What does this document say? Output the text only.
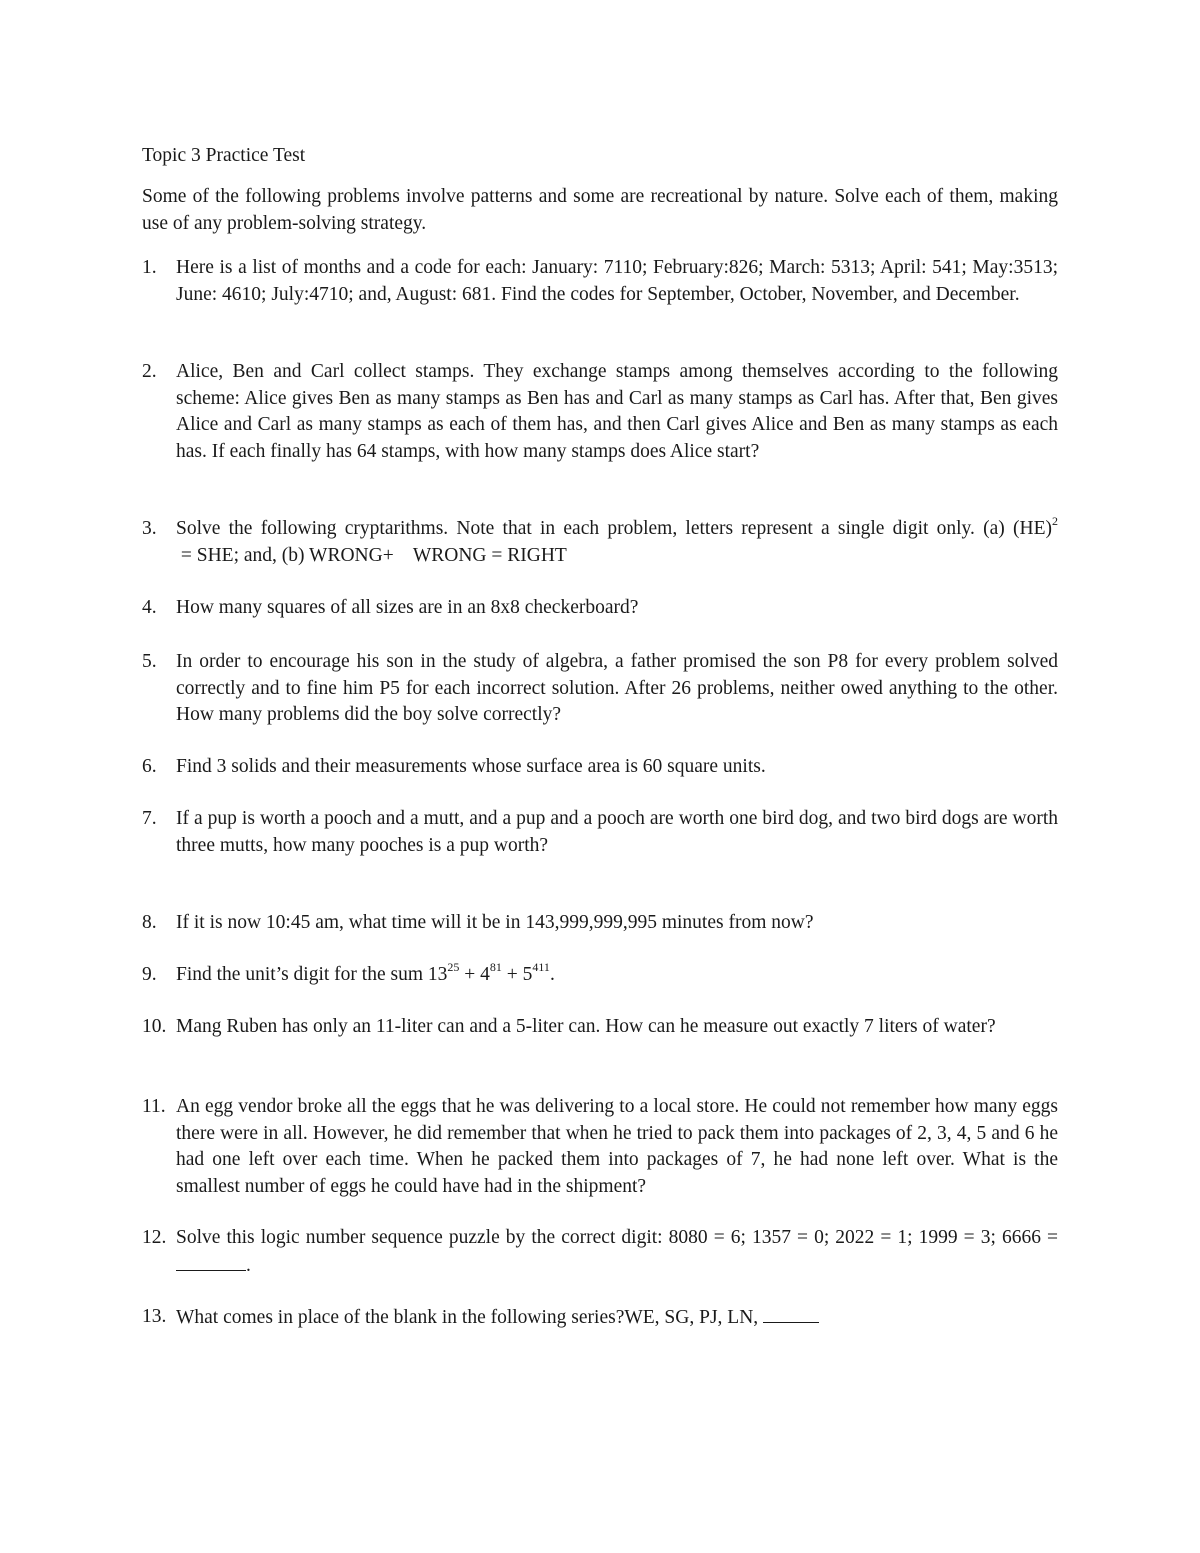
Topic 3 Practice Test
Some of the following problems involve patterns and some are recreational by nature. Solve each of them, making use of any problem-solving strategy.
1. Here is a list of months and a code for each: January: 7110; February:826; March: 5313; April: 541; May:3513; June: 4610; July:4710; and, August: 681. Find the codes for September, October, November, and December.
2. Alice, Ben and Carl collect stamps. They exchange stamps among themselves according to the following scheme: Alice gives Ben as many stamps as Ben has and Carl as many stamps as Carl has. After that, Ben gives Alice and Carl as many stamps as each of them has, and then Carl gives Alice and Ben as many stamps as each has. If each finally has 64 stamps, with how many stamps does Alice start?
3. Solve the following cryptarithms. Note that in each problem, letters represent a single digit only. (a) (HE)$^2$ = SHE; and, (b) WRONG+    WRONG = RIGHT
4. How many squares of all sizes are in an 8x8 checkerboard?
5. In order to encourage his son in the study of algebra, a father promised the son P8 for every problem solved correctly and to fine him P5 for each incorrect solution. After 26 problems, neither owed anything to the other. How many problems did the boy solve correctly?
6. Find 3 solids and their measurements whose surface area is 60 square units.
7. If a pup is worth a pooch and a mutt, and a pup and a pooch are worth one bird dog, and two bird dogs are worth three mutts, how many pooches is a pup worth?
8. If it is now 10:45 am, what time will it be in 143,999,999,995 minutes from now?
9. Find the unit’s digit for the sum $13^{25} + 4^{81} + 5^{411}$.
10. Mang Ruben has only an 11-liter can and a 5-liter can. How can he measure out exactly 7 liters of water?
11. An egg vendor broke all the eggs that he was delivering to a local store. He could not remember how many eggs there were in all. However, he did remember that when he tried to pack them into packages of 2, 3, 4, 5 and 6 he had one left over each time. When he packed them into packages of 7, he had none left over. What is the smallest number of eggs he could have had in the shipment?
12. Solve this logic number sequence puzzle by the correct digit: 8080 = 6; 1357 = 0; 2022 = 1; 1999 = 3; 6666 = .
13. What comes in place of the blank in the following series?WE, SG, PJ, LN,
